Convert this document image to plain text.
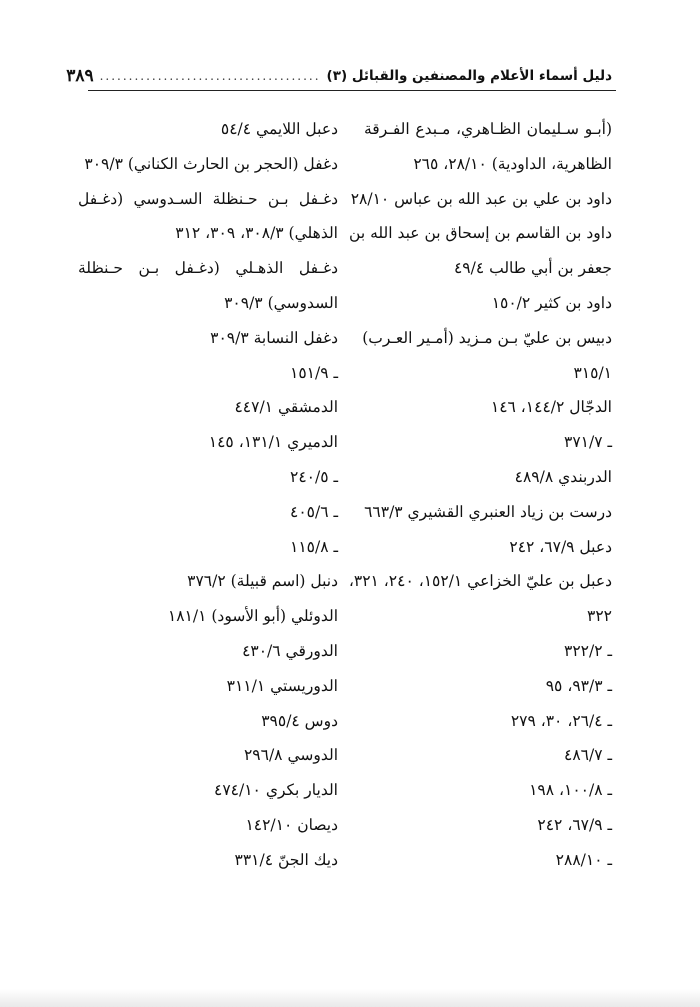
دليل أسماء الأعلام والمصنفين والقبائل (٣)
......................................
٣٨٩
(أبـو سـليمان الظـاهري، مـبدع الفـرقة
الظاهرية، الداودية) ٢٨/١٠، ٢٦٥
داود بن علي بن عبد الله بن عباس ٢٨/١٠
داود بن القاسم بن إسحاق بن عبد الله بن
جعفر بن أبي طالب ٤٩/٤
داود بن كثير ١٥٠/٢
دبيس بن عليّ بـن مـزيد (أمـير العـرب)
٣١٥/١
الدجّال ١٤٤/٢، ١٤٦
ـ ٣٧١/٧
الدربندي ٤٨٩/٨
درست بن زياد العنبري القشيري ٦٦٣/٣
دعبل ٦٧/٩، ٢٤٢
دعبل بن عليّ الخزاعي ١٥٢/١، ٢٤٠، ٣٢١،
٣٢٢
ـ ٣٢٢/٢
ـ ٩٣/٣، ٩٥
ـ ٢٦/٤، ٣٠، ٢٧٩
ـ ٤٨٦/٧
ـ ١٠٠/٨، ١٩٨
ـ ٦٧/٩، ٢٤٢
ـ ٢٨٨/١٠
دعبل اللايمي ٥٤/٤
دغفل (الحجر بن الحارث الكناني) ٣٠٩/٣
دغـفل بـن حـنظلة السـدوسي (دغـفل
الذهلي) ٣٠٨/٣، ٣٠٩، ٣١٢
دغـفل الذهـلي (دغـفل بـن حـنظلة
السدوسي) ٣٠٩/٣
دغفل النسابة ٣٠٩/٣
ـ ١٥١/٩
الدمشقي ٤٤٧/١
الدميري ١٣١/١، ١٤٥
ـ ٢٤٠/٥
ـ ٤٠٥/٦
ـ ١١٥/٨
دنبل (اسم قبيلة) ٣٧٦/٢
الدوئلي (أبو الأسود) ١٨١/١
الدورقي ٤٣٠/٦
الدوريستي ٣١١/١
دوس ٣٩٥/٤
الدوسي ٢٩٦/٨
الديار بكري ٤٧٤/١٠
ديصان ١٤٢/١٠
ديك الجنّ ٣٣١/٤
